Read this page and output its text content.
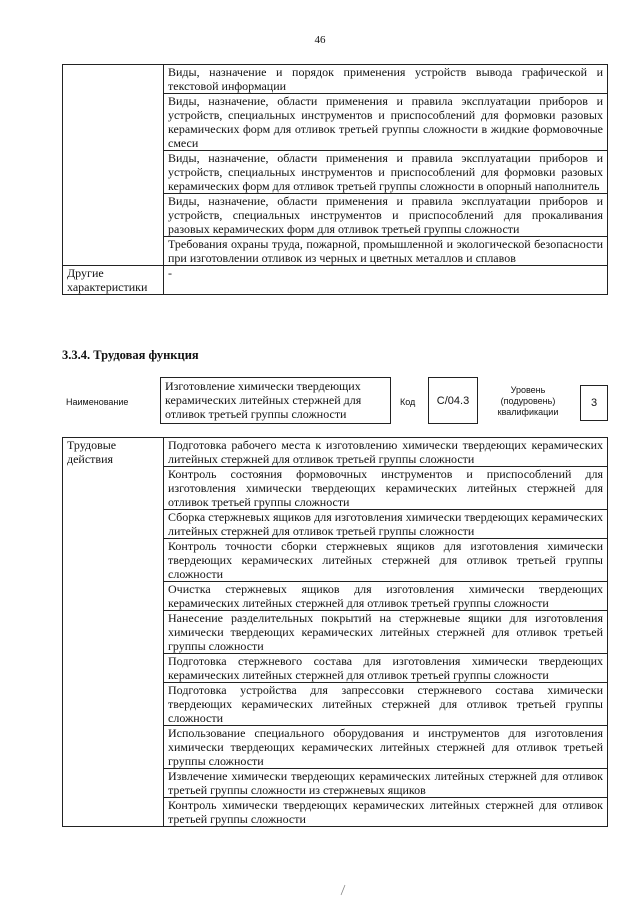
46
	Виды, назначение и порядок применения устройств вывода графической и текстовой информации
	Виды, назначение, области применения и правила эксплуатации приборов и устройств, специальных инструментов и приспособлений для формовки разовых керамических форм для отливок третьей группы сложности в жидкие формовочные смеси
	Виды, назначение, области применения и правила эксплуатации приборов и устройств, специальных инструментов и приспособлений для формовки разовых керамических форм для отливок третьей группы сложности в опорный наполнитель
	Виды, назначение, области применения и правила эксплуатации приборов и устройств, специальных инструментов и приспособлений для прокаливания разовых керамических форм для отливок третьей группы сложности
	Требования охраны труда, пожарной, промышленной и экологической безопасности при изготовлении отливок из черных и цветных металлов и сплавов
Другие характеристики	-
3.3.4. Трудовая функция
Наименование
Изготовление химически твердеющих керамических литейных стержней для отливок третьей группы сложности
Код	C/04.3
Уровень (подуровень) квалификации
3
Трудовые действия	Подготовка рабочего места к изготовлению химически твердеющих керамических литейных стержней для отливок третьей группы сложности
Контроль состояния формовочных инструментов и приспособлений для изготовления химически твердеющих керамических литейных стержней для отливок третьей группы сложности
Сборка стержневых ящиков для изготовления химически твердеющих керамических литейных стержней для отливок третьей группы сложности
Контроль точности сборки стержневых ящиков для изготовления химически твердеющих керамических литейных стержней для отливок третьей группы сложности
Очистка стержневых ящиков для изготовления химически твердеющих керамических литейных стержней для отливок третьей группы сложности
Нанесение разделительных покрытий на стержневые ящики для изготовления химически твердеющих керамических литейных стержней для отливок третьей группы сложности
Подготовка стержневого состава для изготовления химически твердеющих керамических литейных стержней для отливок третьей группы сложности
Подготовка устройства для запрессовки стержневого состава химически твердеющих керамических литейных стержней для отливок третьей группы сложности
Использование специального оборудования и инструментов для изготовления химически твердеющих керамических литейных стержней для отливок третьей группы сложности
Извлечение химически твердеющих керамических литейных стержней для отливок третьей группы сложности из стержневых ящиков
Контроль химически твердеющих керамических литейных стержней для отливок третьей группы сложности
